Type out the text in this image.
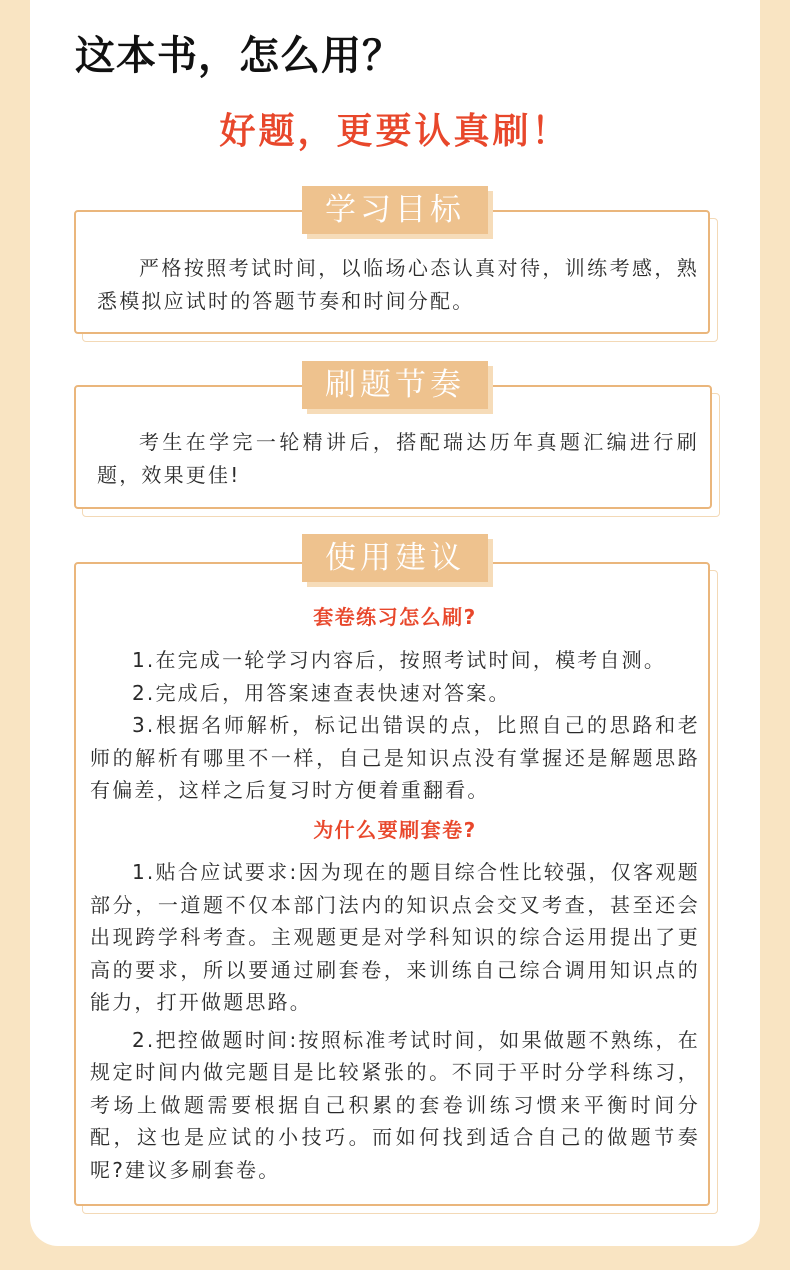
这本书，怎么用？
好题，更要认真刷！

严格按照考试时间，以临场心态认真对待，训练考感，熟悉模拟应试时的答题节奏和时间分配。

学习目标

考生在学完一轮精讲后，搭配瑞达历年真题汇编进行刷题，效果更佳!

刷题节奏
套卷练习怎么刷?

1.在完成一轮学习内容后，按照考试时间，模考自测。

2.完成后，用答案速查表快速对答案。

3.根据名师解析，标记出错误的点，比照自己的思路和老师的解析有哪里不一样，自己是知识点没有掌握还是解题思路有偏差，这样之后复习时方便着重翻看。

为什么要刷套卷?

1.贴合应试要求:因为现在的题目综合性比较强，仅客观题部分，一道题不仅本部门法内的知识点会交叉考查，甚至还会出现跨学科考查。主观题更是对学科知识的综合运用提出了更高的要求，所以要通过刷套卷，来训练自己综合调用知识点的能力，打开做题思路。

2.把控做题时间:按照标准考试时间，如果做题不熟练，在规定时间内做完题目是比较紧张的。不同于平时分学科练习，考场上做题需要根据自己积累的套卷训练习惯来平衡时间分配，这也是应试的小技巧。而如何找到适合自己的做题节奏呢?建议多刷套卷。

使用建议
